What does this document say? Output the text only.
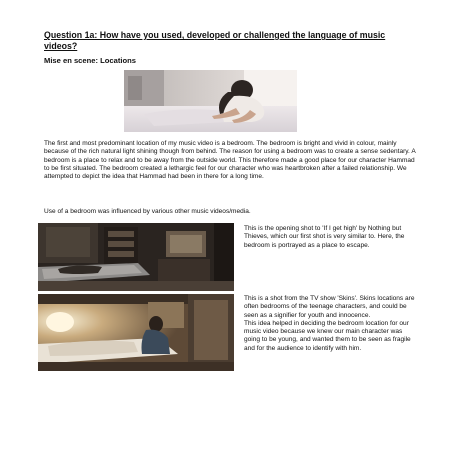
Question 1a: How have you used, developed or challenged the language of music videos?
Mise en scene: Locations
The first and most predominant location of my music video is a bedroom. The bedroom is bright and vivid in colour, mainly because of the rich natural light shining though from behind. The reason for using a bedroom was to create a sense sedentary. A bedroom is a place to relax and to be away from the outside world. This therefore made a good place for our character Hammad to be first situated. The bedroom created a lethargic feel for our character who was heartbroken after a failed relationship. We attempted to depict the idea that Hammad had been in there for a long time.
Use of a bedroom was influenced by various other music videos/media.
This is the opening shot to 'If I get high' by Nothing but Thieves, which our first shot is very similar to. Here, the bedroom is portrayed as a place to escape.

This is a shot from the TV show 'Skins'. Skins locations are often bedrooms of the teenage characters, and could be seen as a signifier for youth and innocence.

This idea helped in deciding the bedroom location for our music video because we knew our main character was going to be young, and wanted them to be seen as fragile and for the audience to identify with him.
